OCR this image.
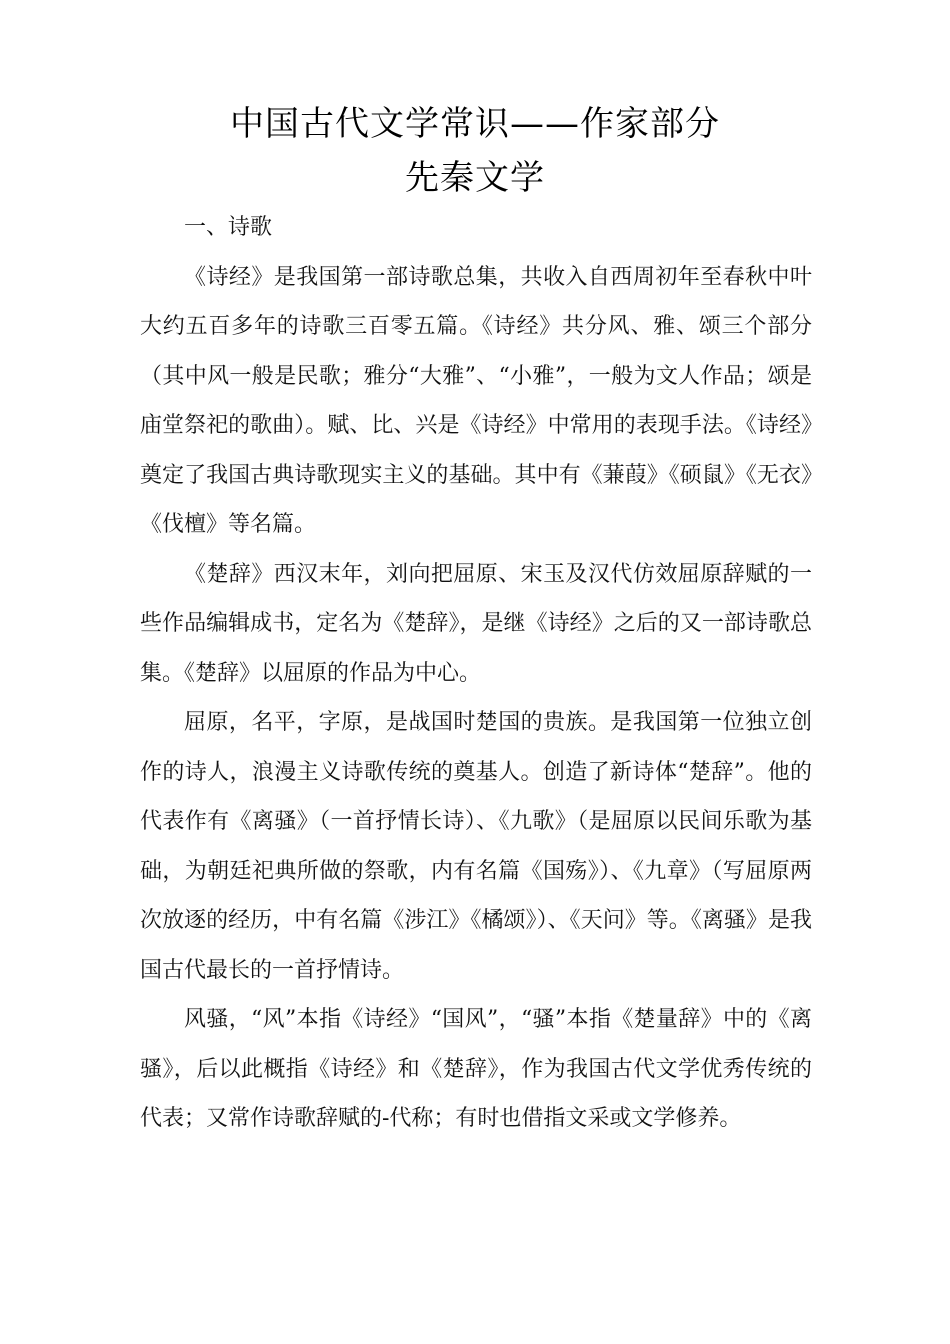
中国古代文学常识——作家部分
先秦文学

一、诗歌

《诗经》是我国第一部诗歌总集，共收入自西周初年至春秋中叶大约五百多年的诗歌三百零五篇。《诗经》共分风、雅、颂三个部分（其中风一般是民歌；雅分“大雅”、“小雅”，一般为文人作品；颂是庙堂祭祀的歌曲）。赋、比、兴是《诗经》中常用的表现手法。《诗经》奠定了我国古典诗歌现实主义的基础。其中有《蒹葭》《硕鼠》《无衣》《伐檀》等名篇。

《楚辞》西汉末年，刘向把屈原、宋玉及汉代仿效屈原辞赋的一些作品编辑成书，定名为《楚辞》，是继《诗经》之后的又一部诗歌总集。《楚辞》以屈原的作品为中心。

屈原，名平，字原，是战国时楚国的贵族。是我国第一位独立创作的诗人，浪漫主义诗歌传统的奠基人。创造了新诗体“楚辞”。他的代表作有《离骚》（一首抒情长诗）、《九歌》（是屈原以民间乐歌为基础，为朝廷祀典所做的祭歌，内有名篇《国殇》）、《九章》（写屈原两次放逐的经历，中有名篇《涉江》《橘颂》）、《天问》等。《离骚》是我国古代最长的一首抒情诗。

风骚，“风”本指《诗经》“国风”，“骚”本指《楚量辞》中的《离骚》，后以此概指《诗经》和《楚辞》，作为我国古代文学优秀传统的代表；又常作诗歌辞赋的-代称；有时也借指文采或文学修养。
